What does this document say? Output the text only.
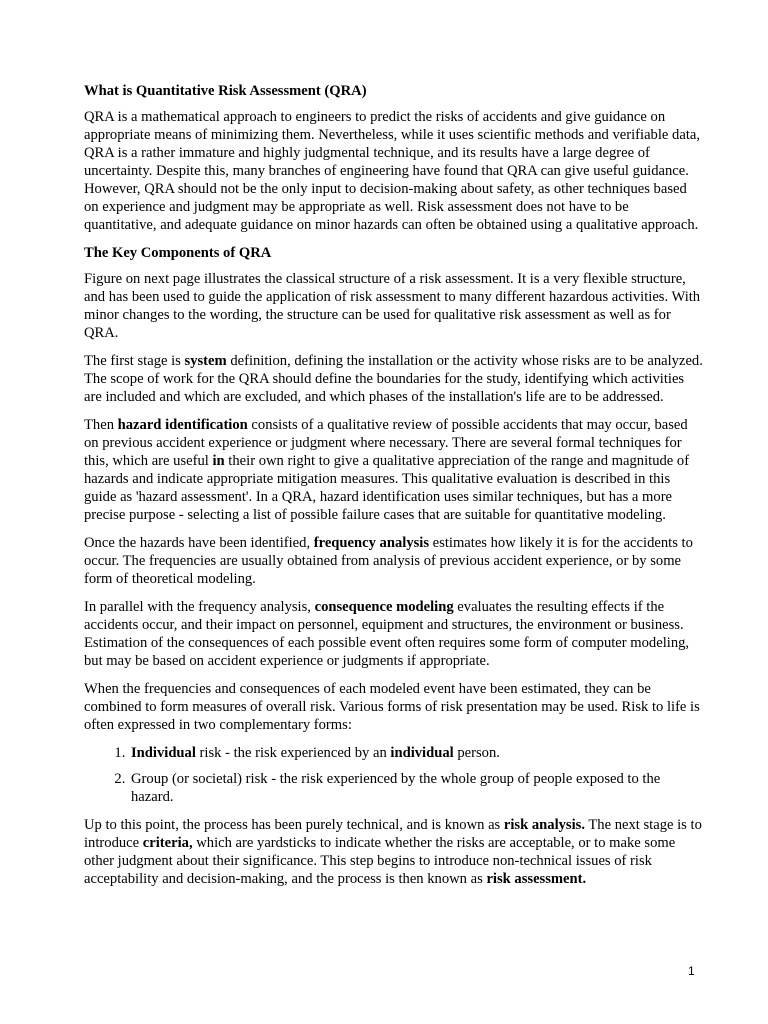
What is Quantitative Risk Assessment (QRA)

QRA is a mathematical approach to engineers to predict the risks of accidents and give guidance on appropriate means of minimizing them. Nevertheless, while it uses scientific methods and verifiable data, QRA is a rather immature and highly judgmental technique, and its results have a large degree of uncertainty. Despite this, many branches of engineering have found that QRA can give useful guidance. However, QRA should not be the only input to decision-making about safety, as other techniques based on experience and judgment may be appropriate as well. Risk assessment does not have to be quantitative, and adequate guidance on minor hazards can often be obtained using a qualitative approach.

The Key Components of QRA

Figure on next page illustrates the classical structure of a risk assessment. It is a very flexible structure, and has been used to guide the application of risk assessment to many different hazardous activities. With minor changes to the wording, the structure can be used for qualitative risk assessment as well as for QRA.

The first stage is system definition, defining the installation or the activity whose risks are to be analyzed. The scope of work for the QRA should define the boundaries for the study, identifying which activities are included and which are excluded, and which phases of the installation's life are to be addressed.

Then hazard identification consists of a qualitative review of possible accidents that may occur, based on previous accident experience or judgment where necessary. There are several formal techniques for this, which are useful in their own right to give a qualitative appreciation of the range and magnitude of hazards and indicate appropriate mitigation measures. This qualitative evaluation is described in this guide as 'hazard assessment'. In a QRA, hazard identification uses similar techniques, but has a more precise purpose - selecting a list of possible failure cases that are suitable for quantitative modeling.

Once the hazards have been identified, frequency analysis estimates how likely it is for the accidents to occur. The frequencies are usually obtained from analysis of previous accident experience, or by some form of theoretical modeling.

In parallel with the frequency analysis, consequence modeling evaluates the resulting effects if the accidents occur, and their impact on personnel, equipment and structures, the environment or business. Estimation of the consequences of each possible event often requires some form of computer modeling, but may be based on accident experience or judgments if appropriate.

When the frequencies and consequences of each modeled event have been estimated, they can be combined to form measures of overall risk. Various forms of risk presentation may be used. Risk to life is often expressed in two complementary forms:

1. Individual risk - the risk experienced by an individual person.
2. Group (or societal) risk - the risk experienced by the whole group of people exposed to the hazard.

Up to this point, the process has been purely technical, and is known as risk analysis. The next stage is to introduce criteria, which are yardsticks to indicate whether the risks are acceptable, or to make some other judgment about their significance. This step begins to introduce non-technical issues of risk acceptability and decision-making, and the process is then known as risk assessment.

1
